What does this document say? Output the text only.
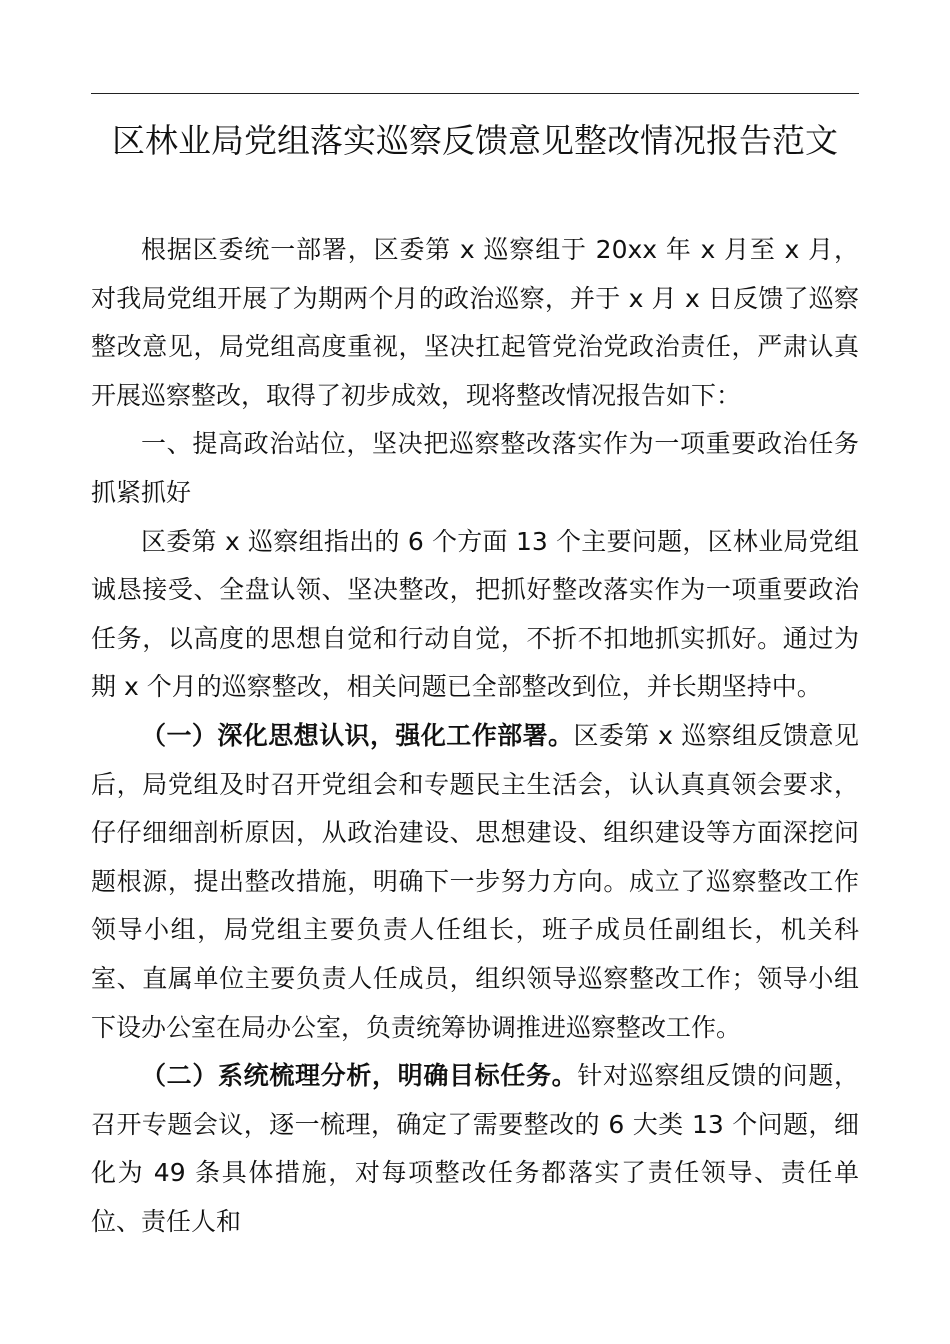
区林业局党组落实巡察反馈意见整改情况报告范文

根据区委统一部署，区委第 x 巡察组于 20xx 年 x 月至 x 月，对我局党组开展了为期两个月的政治巡察，并于 x 月 x 日反馈了巡察整改意见，局党组高度重视，坚决扛起管党治党政治责任，严肃认真开展巡察整改，取得了初步成效，现将整改情况报告如下：

一、提高政治站位，坚决把巡察整改落实作为一项重要政治任务抓紧抓好

区委第 x 巡察组指出的 6 个方面 13 个主要问题，区林业局党组诚恳接受、全盘认领、坚决整改，把抓好整改落实作为一项重要政治任务，以高度的思想自觉和行动自觉，不折不扣地抓实抓好。通过为期 x 个月的巡察整改，相关问题已全部整改到位，并长期坚持中。

（一）深化思想认识，强化工作部署。区委第 x 巡察组反馈意见后，局党组及时召开党组会和专题民主生活会，认认真真领会要求，仔仔细细剖析原因，从政治建设、思想建设、组织建设等方面深挖问题根源，提出整改措施，明确下一步努力方向。成立了巡察整改工作领导小组，局党组主要负责人任组长，班子成员任副组长，机关科室、直属单位主要负责人任成员，组织领导巡察整改工作；领导小组下设办公室在局办公室，负责统筹协调推进巡察整改工作。

（二）系统梳理分析，明确目标任务。针对巡察组反馈的问题，召开专题会议，逐一梳理，确定了需要整改的 6 大类 13 个问题，细化为 49 条具体措施，对每项整改任务都落实了责任领导、责任单位、责任人和
